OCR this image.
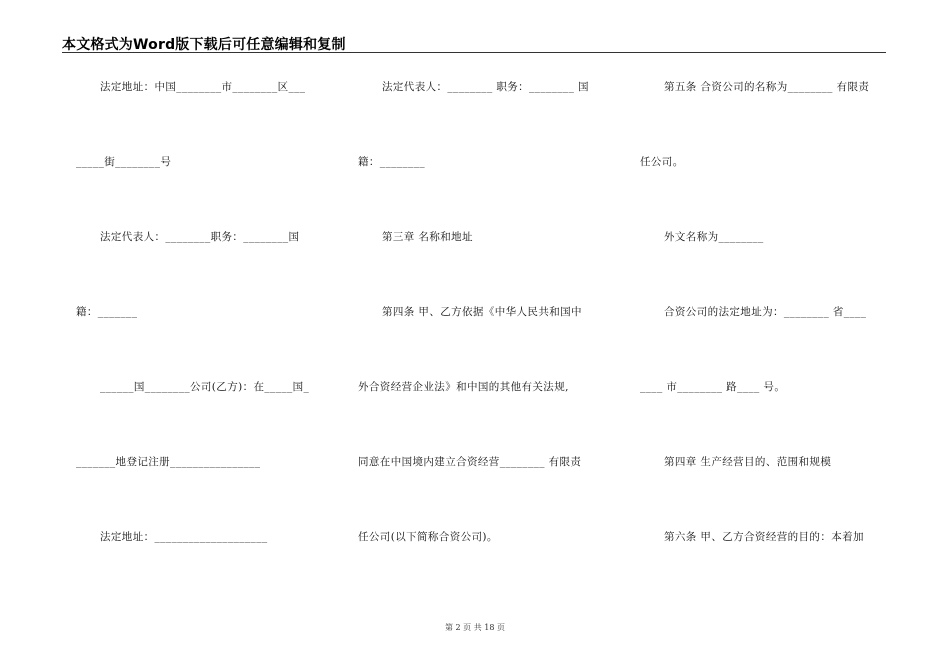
本文格式为Word版下载后可任意编辑和复制
法定地址：中国________市________区___
_____街________号
法定代表人：________职务：________国
籍：_______
______国________公司(乙方)：在_____国_
_______地登记注册________________
法定地址：____________________
法定代表人：________ 职务：________ 国
籍：________
第三章 名称和地址
第四条 甲、乙方依据《中华人民共和国中
外合资经营企业法》和中国的其他有关法规,
同意在中国境内建立合资经营________ 有限责
任公司(以下简称合资公司)。
第五条 合资公司的名称为________ 有限责
任公司。
外文名称为________
合资公司的法定地址为：________ 省____
____ 市________ 路____ 号。
第四章 生产经营目的、范围和规模
第六条 甲、乙方合资经营的目的：本着加
第 2 页 共 18 页
